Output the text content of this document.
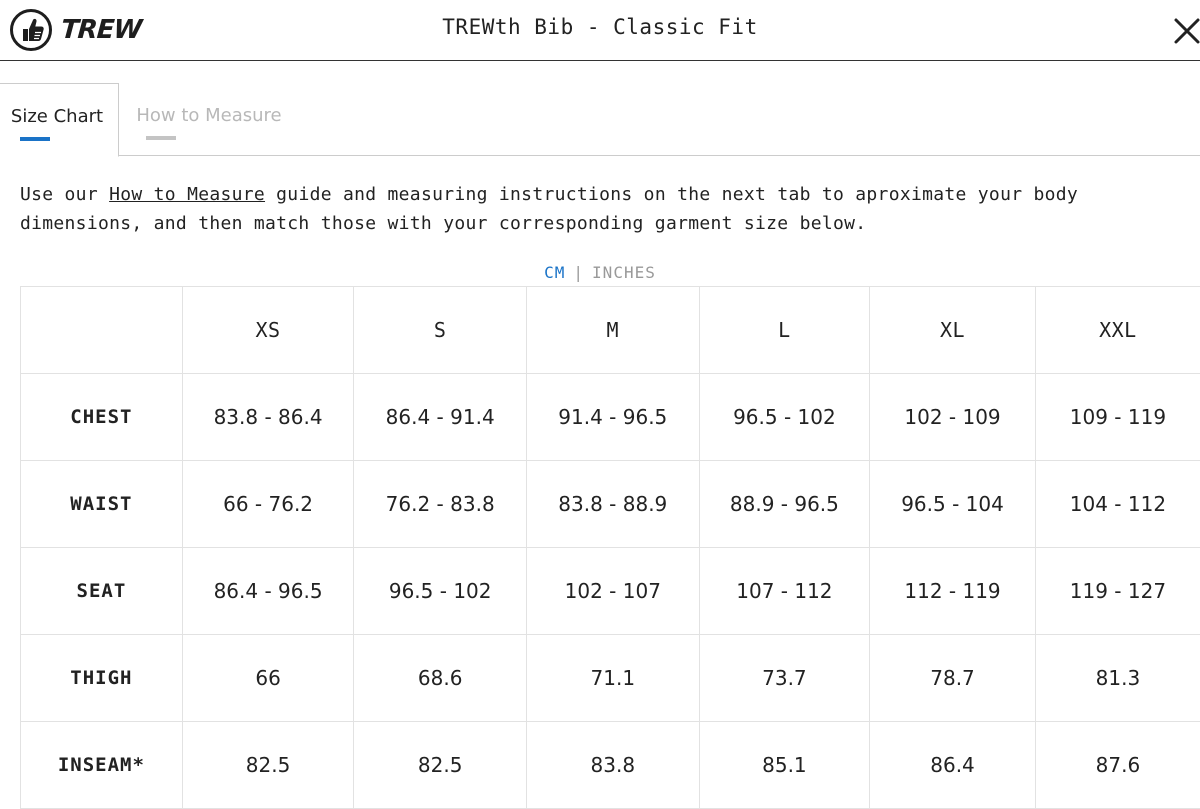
TREW	TREWth Bib - Classic Fit
Size Chart	How to Measure
Use our How to Measure guide and measuring instructions on the next tab to aproximate your body dimensions, and then match those with your corresponding garment size below.
CM | INCHES
	XS	S	M	L	XL	XXL
CHEST	83.8 - 86.4	86.4 - 91.4	91.4 - 96.5	96.5 - 102	102 - 109	109 - 119
WAIST	66 - 76.2	76.2 - 83.8	83.8 - 88.9	88.9 - 96.5	96.5 - 104	104 - 112
SEAT	86.4 - 96.5	96.5 - 102	102 - 107	107 - 112	112 - 119	119 - 127
THIGH	66	68.6	71.1	73.7	78.7	81.3
INSEAM*	82.5	82.5	83.8	85.1	86.4	87.6
